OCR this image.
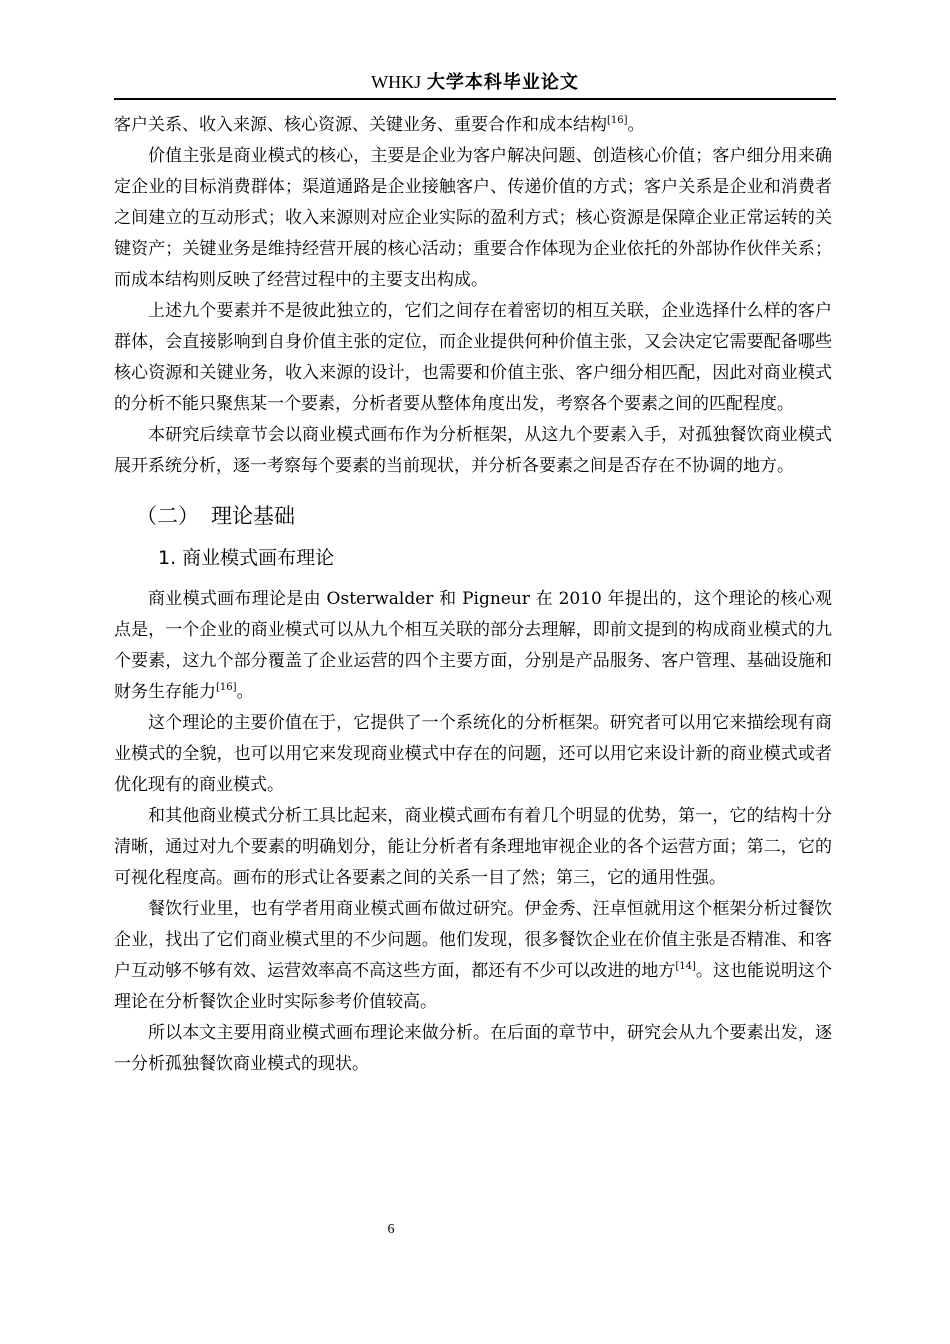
WHKJ 大学本科毕业论文

客户关系、收入来源、核心资源、关键业务、重要合作和成本结构[16]。

价值主张是商业模式的核心，主要是企业为客户解决问题、创造核心价值；客户细分用来确定企业的目标消费群体；渠道通路是企业接触客户、传递价值的方式；客户关系是企业和消费者之间建立的互动形式；收入来源则对应企业实际的盈利方式；核心资源是保障企业正常运转的关键资产；关键业务是维持经营开展的核心活动；重要合作体现为企业依托的外部协作伙伴关系；而成本结构则反映了经营过程中的主要支出构成。

上述九个要素并不是彼此独立的，它们之间存在着密切的相互关联，企业选择什么样的客户群体，会直接影响到自身价值主张的定位，而企业提供何种价值主张，又会决定它需要配备哪些核心资源和关键业务，收入来源的设计，也需要和价值主张、客户细分相匹配，因此对商业模式的分析不能只聚焦某一个要素，分析者要从整体角度出发，考察各个要素之间的匹配程度。

本研究后续章节会以商业模式画布作为分析框架，从这九个要素入手，对孤独餐饮商业模式展开系统分析，逐一考察每个要素的当前现状，并分析各要素之间是否存在不协调的地方。

（二） 理论基础
1. 商业模式画布理论

商业模式画布理论是由 Osterwalder 和 Pigneur 在 2010 年提出的，这个理论的核心观点是，一个企业的商业模式可以从九个相互关联的部分去理解，即前文提到的构成商业模式的九个要素，这九个部分覆盖了企业运营的四个主要方面，分别是产品服务、客户管理、基础设施和财务生存能力[16]。

这个理论的主要价值在于，它提供了一个系统化的分析框架。研究者可以用它来描绘现有商业模式的全貌，也可以用它来发现商业模式中存在的问题，还可以用它来设计新的商业模式或者优化现有的商业模式。

和其他商业模式分析工具比起来，商业模式画布有着几个明显的优势，第一，它的结构十分清晰，通过对九个要素的明确划分，能让分析者有条理地审视企业的各个运营方面；第二，它的可视化程度高。画布的形式让各要素之间的关系一目了然；第三，它的通用性强。

餐饮行业里，也有学者用商业模式画布做过研究。伊金秀、汪卓恒就用这个框架分析过餐饮企业，找出了它们商业模式里的不少问题。他们发现，很多餐饮企业在价值主张是否精准、和客户互动够不够有效、运营效率高不高这些方面，都还有不少可以改进的地方[14]。这也能说明这个理论在分析餐饮企业时实际参考价值较高。

所以本文主要用商业模式画布理论来做分析。在后面的章节中，研究会从九个要素出发，逐一分析孤独餐饮商业模式的现状。

6
